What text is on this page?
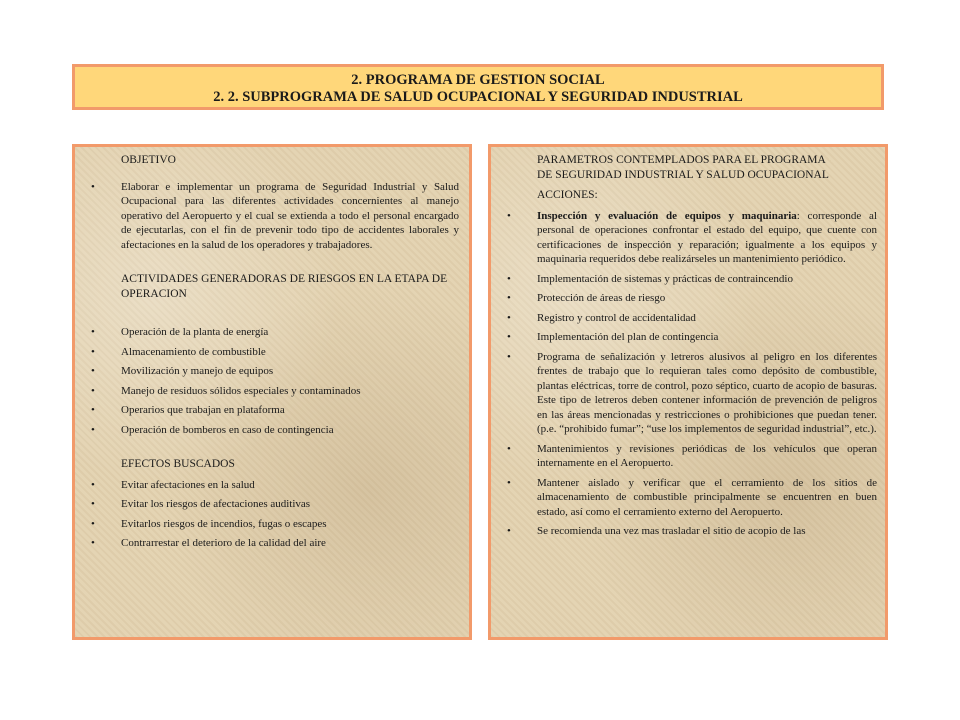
2. PROGRAMA DE GESTION SOCIAL
2. 2. SUBPROGRAMA DE SALUD OCUPACIONAL Y SEGURIDAD INDUSTRIAL
OBJETIVO
• Elaborar e implementar un programa de Seguridad Industrial y Salud Ocupacional para las diferentes actividades concernientes al manejo operativo del Aeropuerto y el cual se extienda a todo el personal encargado de ejecutarlas, con el fin de prevenir todo tipo de accidentes laborales y afectaciones en la salud de los operadores y trabajadores.
ACTIVIDADES GENERADORAS DE RIESGOS EN LA ETAPA DE OPERACION
• Operación de la planta de energía
• Almacenamiento de combustible
• Movilización y manejo de equipos
• Manejo de residuos sólidos especiales y contaminados
• Operarios que trabajan en plataforma
• Operación de bomberos en caso de contingencia
EFECTOS BUSCADOS
• Evitar afectaciones en la salud
• Evitar los riesgos de afectaciones auditivas
• Evitarlos riesgos de incendios, fugas o escapes
• Contrarrestar el deterioro de la calidad del aire
PARAMETROS CONTEMPLADOS PARA EL PROGRAMA DE SEGURIDAD INDUSTRIAL Y SALUD OCUPACIONAL
ACCIONES:
• Inspección y evaluación de equipos y maquinaria: corresponde al personal de operaciones confrontar el estado del equipo, que cuente con certificaciones de inspección y reparación; igualmente a los equipos y maquinaria requeridos debe realizárseles un mantenimiento periódico.
• Implementación de sistemas y prácticas de contraincendio
• Protección de áreas de riesgo
• Registro y control de accidentalidad
• Implementación del plan de contingencia
• Programa de señalización y letreros alusivos al peligro en los diferentes frentes de trabajo que lo requieran tales como depósito de combustible, plantas eléctricas, torre de control, pozo séptico, cuarto de acopio de basuras. Este tipo de letreros deben contener información de prevención de peligros en las áreas mencionadas y restricciones o prohibiciones que puedan tener. (p.e. “prohibido fumar”; “use los implementos de seguridad industrial”, etc.).
• Mantenimientos y revisiones periódicas de los vehículos que operan internamente en el Aeropuerto.
• Mantener aislado y verificar que el cerramiento de los sitios de almacenamiento de combustible principalmente se encuentren en buen estado, así como el cerramiento externo del Aeropuerto.
• Se recomienda una vez mas trasladar el sitio de acopio de las
